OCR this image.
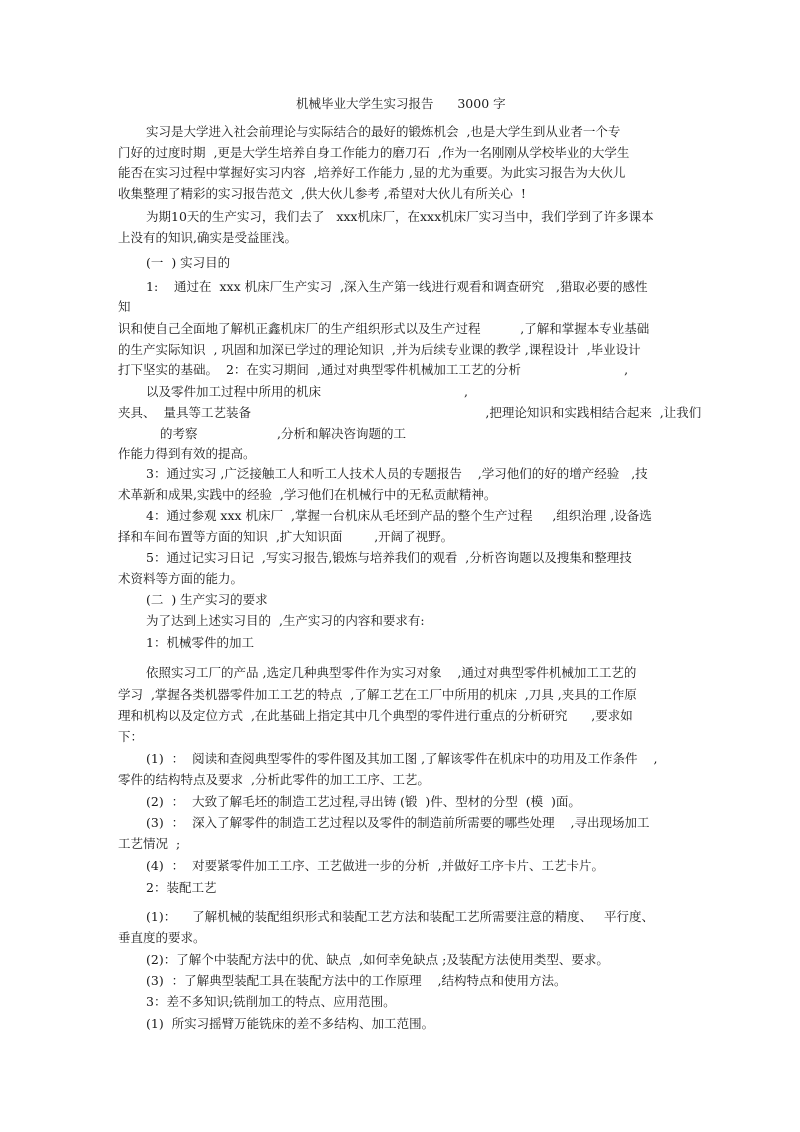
机械毕业大学生实习报告      3000 字
实习是大学进入社会前理论与实际结合的最好的锻炼机会  ,也是大学生到从业者一个专
门好的过度时期  ,更是大学生培养自身工作能力的磨刀石  ,作为一名刚刚从学校毕业的大学生
能否在实习过程中掌握好实习内容  ,培养好工作能力 ,显的尤为重要。为此实习报告为大伙儿
收集整理了精彩的实习报告范文  ,供大伙儿参考 ,希望对大伙儿有所关心  !
为期10天的生产实习，我们去了   xxx机床厂，在xxx机床厂实习当中，我们学到了许多课本
上没有的知识,确实是受益匪浅。
(一  ) 实习目的
1:    通过在  xxx 机床厂生产实习  ,深入生产第一线进行观看和调查研究   ,猎取必要的感性
知
识和使自己全面地了解机正鑫机床厂的生产组织形式以及生产过程          ,了解和掌握本专业基础
的生产实际知识  , 巩固和加深已学过的理论知识  ,并为后续专业课的教学 ,课程设计  ,毕业设计
打下坚实的基础。  2：在实习期间  ,通过对典型零件机械加工工艺的分析                          ,
以及零件加工过程中所用的机床                                    ,
夹具、  量具等工艺装备                                                           ,把理论知识和实践相结合起来  ,让我们
的考察                    ,分析和解决咨询题的工
作能力得到有效的提高。
3：通过实习 ,广泛接触工人和听工人技术人员的专题报告    ,学习他们的好的增产经验   ,技
术革新和成果,实践中的经验  ,学习他们在机械行中的无私贡献精神。
4：通过参观 xxx 机床厂  ,掌握一台机床从毛坯到产品的整个生产过程     ,组织治理 ,设备选
择和车间布置等方面的知识  ,扩大知识面        ,开阔了视野。
5：通过记实习日记  ,写实习报告,锻炼与培养我们的观看  ,分析咨询题以及搜集和整理技
术资料等方面的能力。
(二  ) 生产实习的要求
为了达到上述实习目的  ,生产实习的内容和要求有:
1：机械零件的加工
依照实习工厂的产品 ,选定几种典型零件作为实习对象    ,通过对典型零件机械加工工艺的
学习  ,掌握各类机器零件加工工艺的特点  ,了解工艺在工厂中所用的机床  ,刀具 ,夹具的工作原
理和机构以及定位方式  ,在此基础上指定其中几个典型的零件进行重点的分析研究      ,要求如
下：
(1)  ：  阅读和查阅典型零件的零件图及其加工图 ,了解该零件在机床中的功用及工作条件    ,
零件的结构特点及要求  ,分析此零件的加工工序、工艺。
(2)  ：  大致了解毛坯的制造工艺过程,寻出铸 (锻  )件、型材的分型  (模  )面。
(3)  ：  深入了解零件的制造工艺过程以及零件的制造前所需要的哪些处理    ,寻出现场加工
工艺情况  ;
(4)  ：  对要紧零件加工工序、工艺做进一步的分析  ,并做好工序卡片、工艺卡片。
2：装配工艺
(1)：    了解机械的装配组织形式和装配工艺方法和装配工艺所需要注意的精度、   平行度、
垂直度的要求。
(2)：了解个中装配方法中的优、缺点  ,如何幸免缺点 ;及装配方法使用类型、要求。
(3)  ：了解典型装配工具在装配方法中的工作原理    ,结构特点和使用方法。
3：差不多知识;铣削加工的特点、应用范围。
(1)  所实习摇臂万能铣床的差不多结构、加工范围。
